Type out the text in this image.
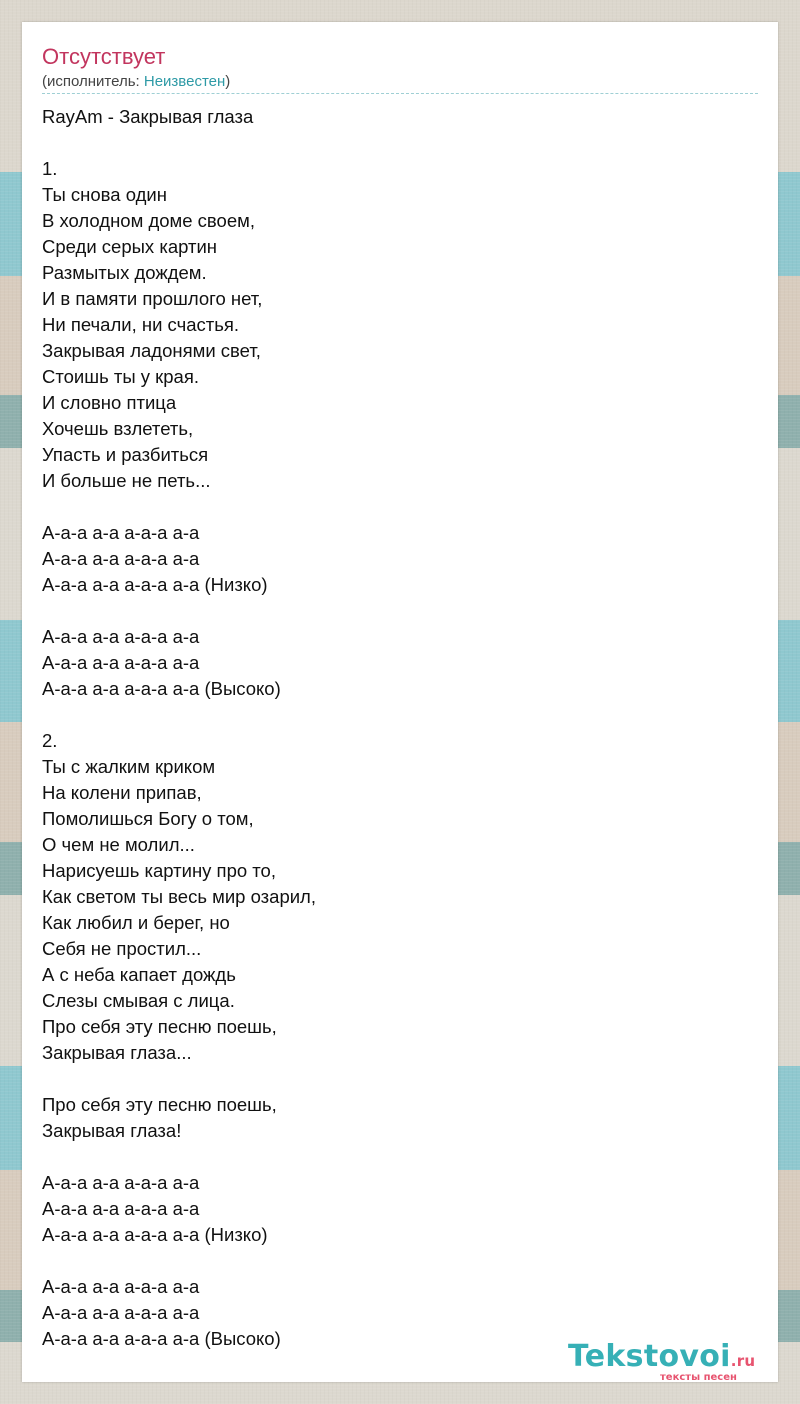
Отсутствует
(исполнитель: Неизвестен)
RayAm - Закрывая глаза
1.
Ты снова один
В холодном доме своем,
Среди серых картин
Размытых дождем.
И в памяти прошлого нет,
Ни печали, ни счастья.
Закрывая ладонями свет,
Стоишь ты у края.
И словно птица
Хочешь взлететь,
Упасть и разбиться
И больше не петь...
А-а-а а-а а-а-а а-а
А-а-а а-а а-а-а а-а
А-а-а а-а а-а-а а-а (Низко)
А-а-а а-а а-а-а а-а
А-а-а а-а а-а-а а-а
А-а-а а-а а-а-а а-а (Высоко)
2.
Ты с жалким криком
На колени припав,
Помолишься Богу о том,
О чем не молил...
Нарисуешь картину про то,
Как светом ты весь мир озарил,
Как любил и берег, но
Себя не простил...
А с неба капает дождь
Слезы смывая с лица.
Про себя эту песню поешь,
Закрывая глаза...
Про себя эту песню поешь,
Закрывая глаза!
А-а-а а-а а-а-а а-а
А-а-а а-а а-а-а а-а
А-а-а а-а а-а-а а-а (Низко)
А-а-а а-а а-а-а а-а
А-а-а а-а а-а-а а-а
А-а-а а-а а-а-а а-а (Высоко)
Tekstovoi.ru
тексты песен
